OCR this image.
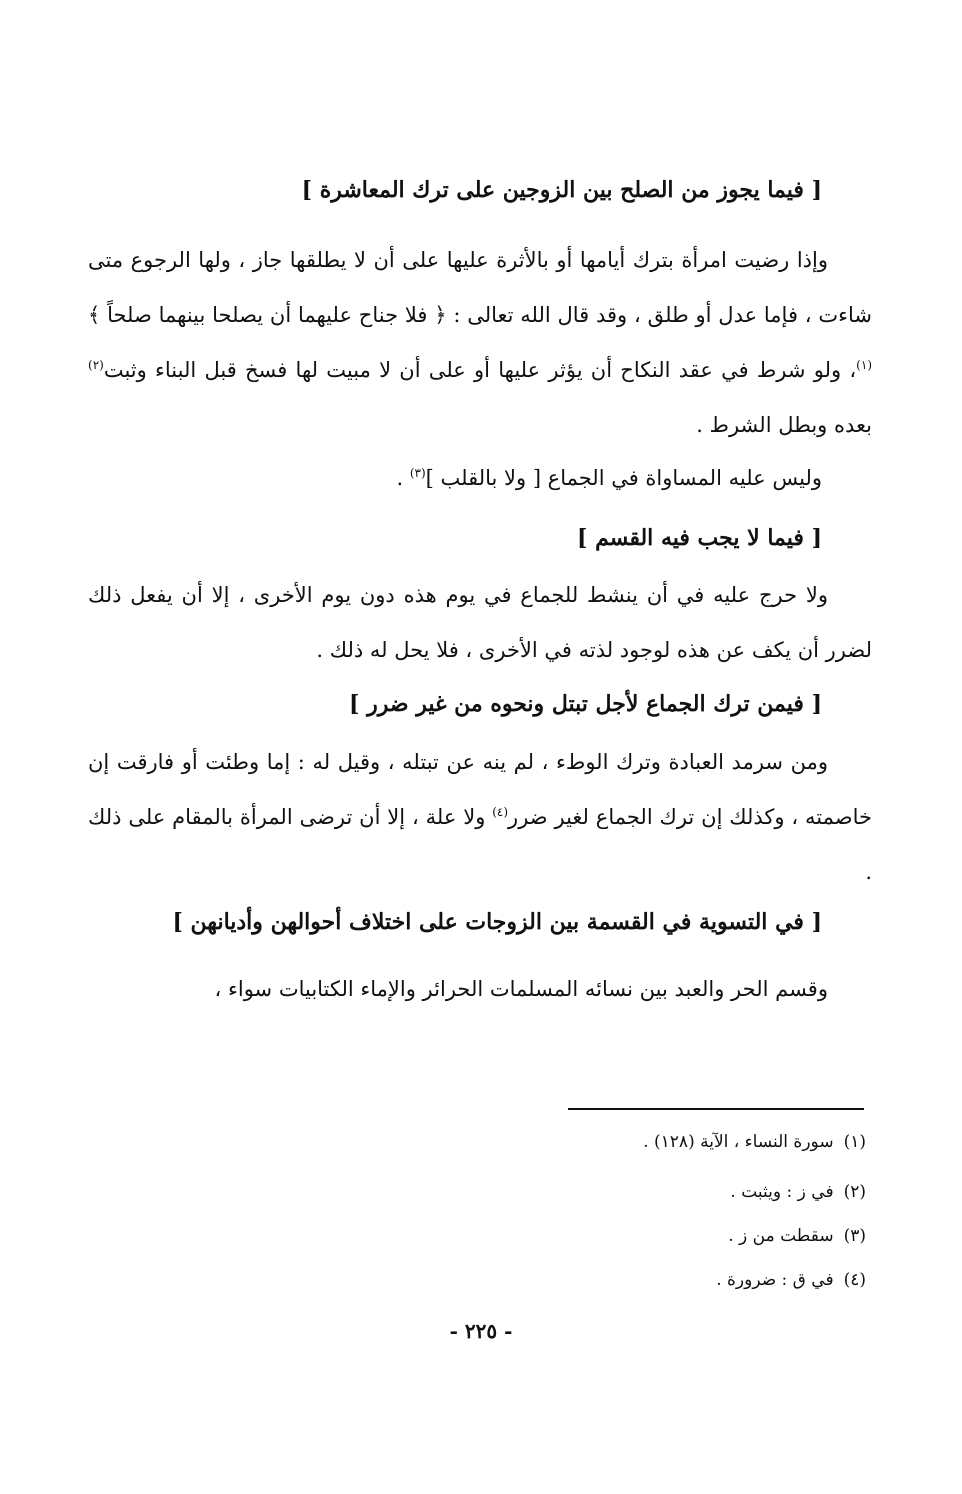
[ فيما يجوز من الصلح بين الزوجين على ترك المعاشرة ]

وإذا رضيت امرأة بترك أيامها أو بالأثرة عليها على أن لا يطلقها جاز ، ولها الرجوع متى شاءت ، فإما عدل أو طلق ، وقد قال الله تعالى : ﴿ فلا جناح عليهما أن يصلحا بينهما صلحاً ﴾$^{(١)}$، ولو شرط في عقد النكاح أن يؤثر عليها أو على أن لا مبيت لها فسخ قبل البناء وثبت$^{(٢)}$ بعده وبطل الشرط .

وليس عليه المساواة في الجماع [ ولا بالقلب ]$^{(٣)}$ .
[ فيما لا يجب فيه القسم ]

ولا حرج عليه في أن ينشط للجماع في يوم هذه دون يوم الأخرى ، إلا أن يفعل ذلك لضرر أن يكف عن هذه لوجود لذته في الأخرى ، فلا يحل له ذلك .

[ فيمن ترك الجماع لأجل تبتل ونحوه من غير ضرر ]

ومن سرمد العبادة وترك الوطء ، لم ينه عن تبتله ، وقيل له : إما وطئت أو فارقت إن خاصمته ، وكذلك إن ترك الجماع لغير ضرر$^{(٤)}$ ولا علة ، إلا أن ترضى المرأة بالمقام على ذلك .

[ في التسوية في القسمة بين الزوجات على اختلاف أحوالهن وأديانهن ]

وقسم الحر والعبد بين نسائه المسلمات الحرائر والإماء الكتابيات سواء ،

(١)سورة النساء ، الآية (١٢٨) .
(٢)في ز : ويثبت .
(٣)سقطت من ز .
(٤)في ق : ضرورة .
- ٢٢٥ -
